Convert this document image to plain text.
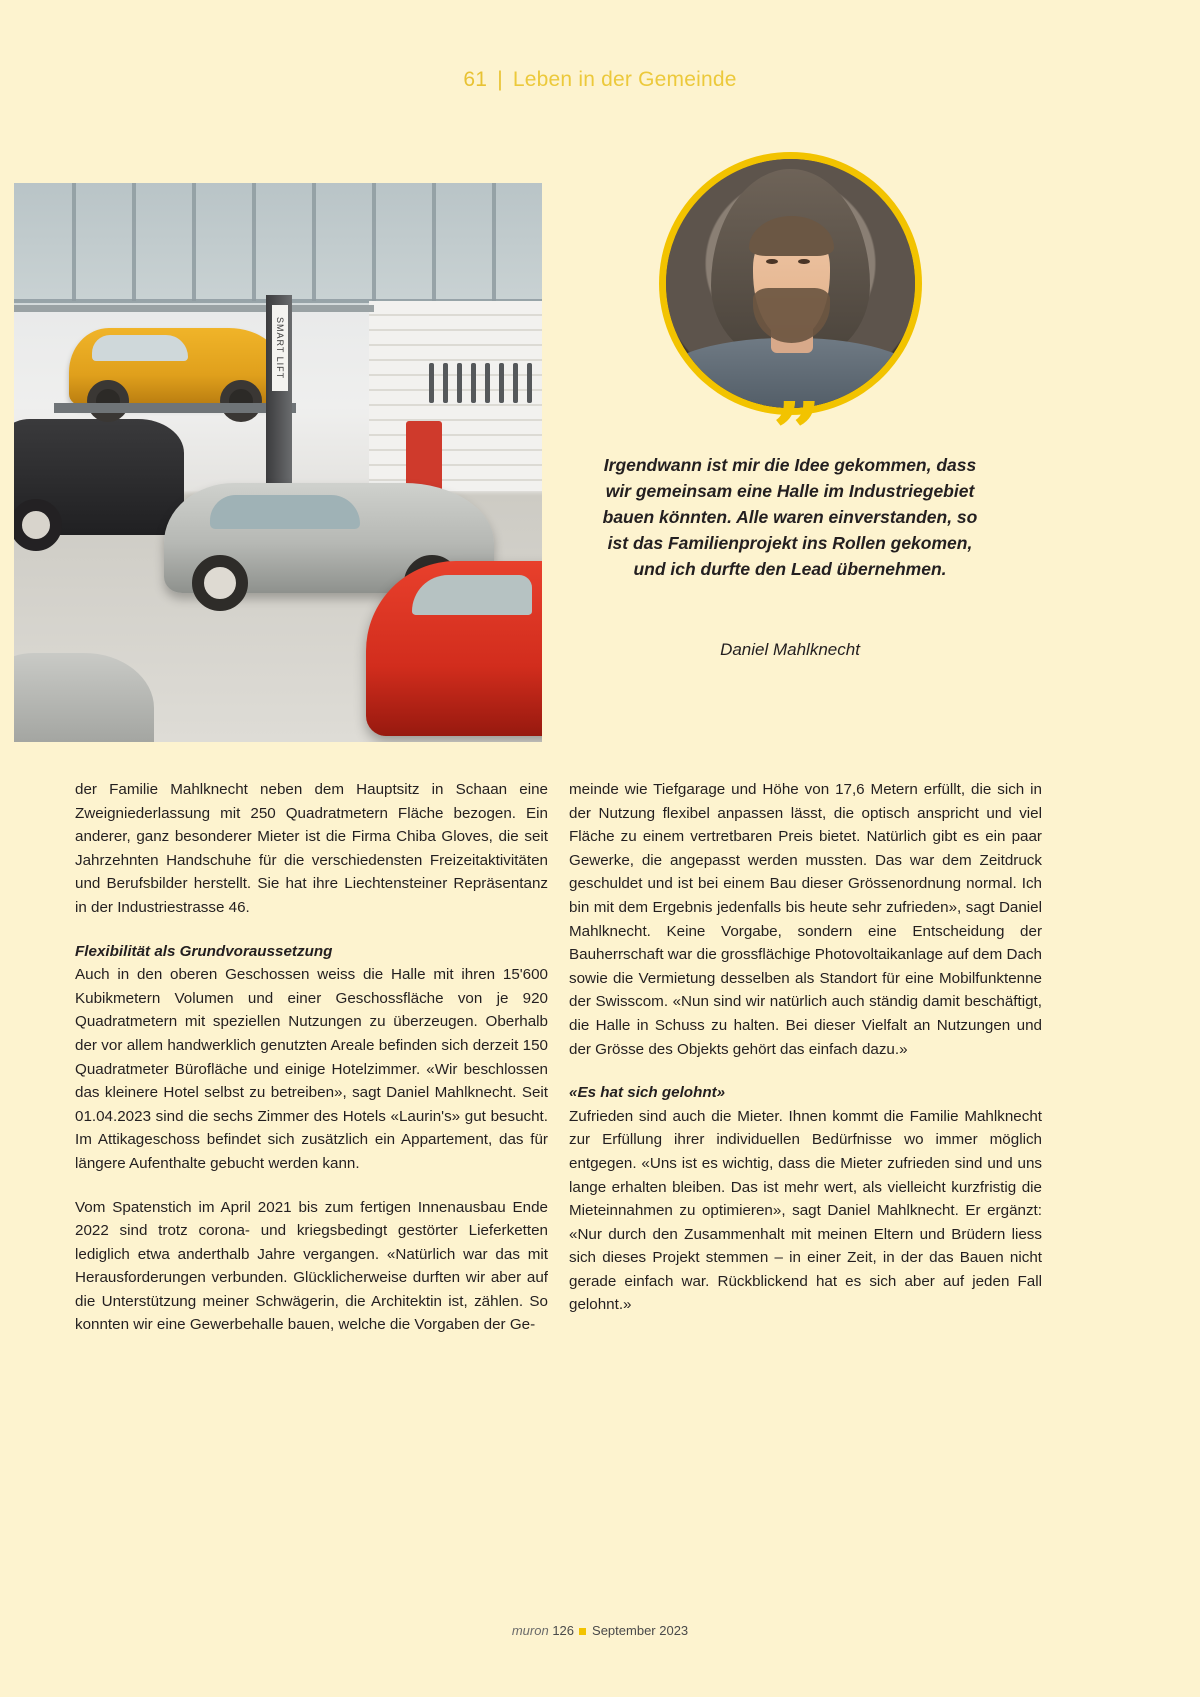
61 | Leben in der Gemeinde
SMART LIFT
”
Irgendwann ist mir die Idee gekommen, dass wir gemeinsam eine Halle im Industriegebiet bauen könnten. Alle waren einverstanden, so ist das Familienprojekt ins Rollen gekomen, und ich durfte den Lead übernehmen.
Daniel Mahlknecht

der Familie Mahlknecht neben dem Hauptsitz in Schaan eine Zweigniederlassung mit 250 Quadratmetern Fläche bezogen. Ein anderer, ganz besonderer Mieter ist die Firma Chiba Gloves, die seit Jahrzehnten Handschuhe für die verschiedensten Freizeitaktivitäten und Berufsbilder herstellt. Sie hat ihre Liechtensteiner Repräsentanz in der Industriestrasse 46.

Flexibilität als Grundvoraussetzung

Auch in den oberen Geschossen weiss die Halle mit ihren 15'600 Kubikmetern Volumen und einer Geschossfläche von je 920 Quadratmetern mit speziellen Nutzungen zu überzeugen. Oberhalb der vor allem handwerklich genutzten Areale befinden sich derzeit 150 Quadratmeter Bürofläche und einige Hotelzimmer. «Wir beschlossen das kleinere Hotel selbst zu betreiben», sagt Daniel Mahlknecht. Seit 01.04.2023 sind die sechs Zimmer des Hotels «Laurin's» gut besucht. Im Attikageschoss befindet sich zusätzlich ein Appartement, das für längere Aufenthalte gebucht werden kann.

Vom Spatenstich im April 2021 bis zum fertigen Innenausbau Ende 2022 sind trotz corona- und kriegsbedingt gestörter Lieferketten lediglich etwa anderthalb Jahre vergangen. «Natürlich war das mit Herausforderungen verbunden. Glücklicherweise durften wir aber auf die Unterstützung meiner Schwägerin, die Architektin ist, zählen. So konnten wir eine Gewerbehalle bauen, welche die Vorgaben der Ge-

meinde wie Tiefgarage und Höhe von 17,6 Metern erfüllt, die sich in der Nutzung flexibel anpassen lässt, die optisch anspricht und viel Fläche zu einem vertretbaren Preis bietet. Natürlich gibt es ein paar Gewerke, die angepasst werden mussten. Das war dem Zeitdruck geschuldet und ist bei einem Bau dieser Grössenordnung normal. Ich bin mit dem Ergebnis jedenfalls bis heute sehr zufrieden», sagt Daniel Mahlknecht. Keine Vorgabe, sondern eine Entscheidung der Bauherrschaft war die grossflächige Photovoltaikanlage auf dem Dach sowie die Vermietung desselben als Standort für eine Mobilfunktenne der Swisscom. «Nun sind wir natürlich auch ständig damit beschäftigt, die Halle in Schuss zu halten. Bei dieser Vielfalt an Nutzungen und der Grösse des Objekts gehört das einfach dazu.»

«Es hat sich gelohnt»

Zufrieden sind auch die Mieter. Ihnen kommt die Familie Mahlknecht zur Erfüllung ihrer individuellen Bedürfnisse wo immer möglich entgegen. «Uns ist es wichtig, dass die Mieter zufrieden sind und uns lange erhalten bleiben. Das ist mehr wert, als vielleicht kurzfristig die Mieteinnahmen zu optimieren», sagt Daniel Mahlknecht. Er ergänzt: «Nur durch den Zusammenhalt mit meinen Eltern und Brüdern liess sich dieses Projekt stemmen – in einer Zeit, in der das Bauen nicht gerade einfach war. Rückblickend hat es sich aber auf jeden Fall gelohnt.»

muron 126 September 2023
